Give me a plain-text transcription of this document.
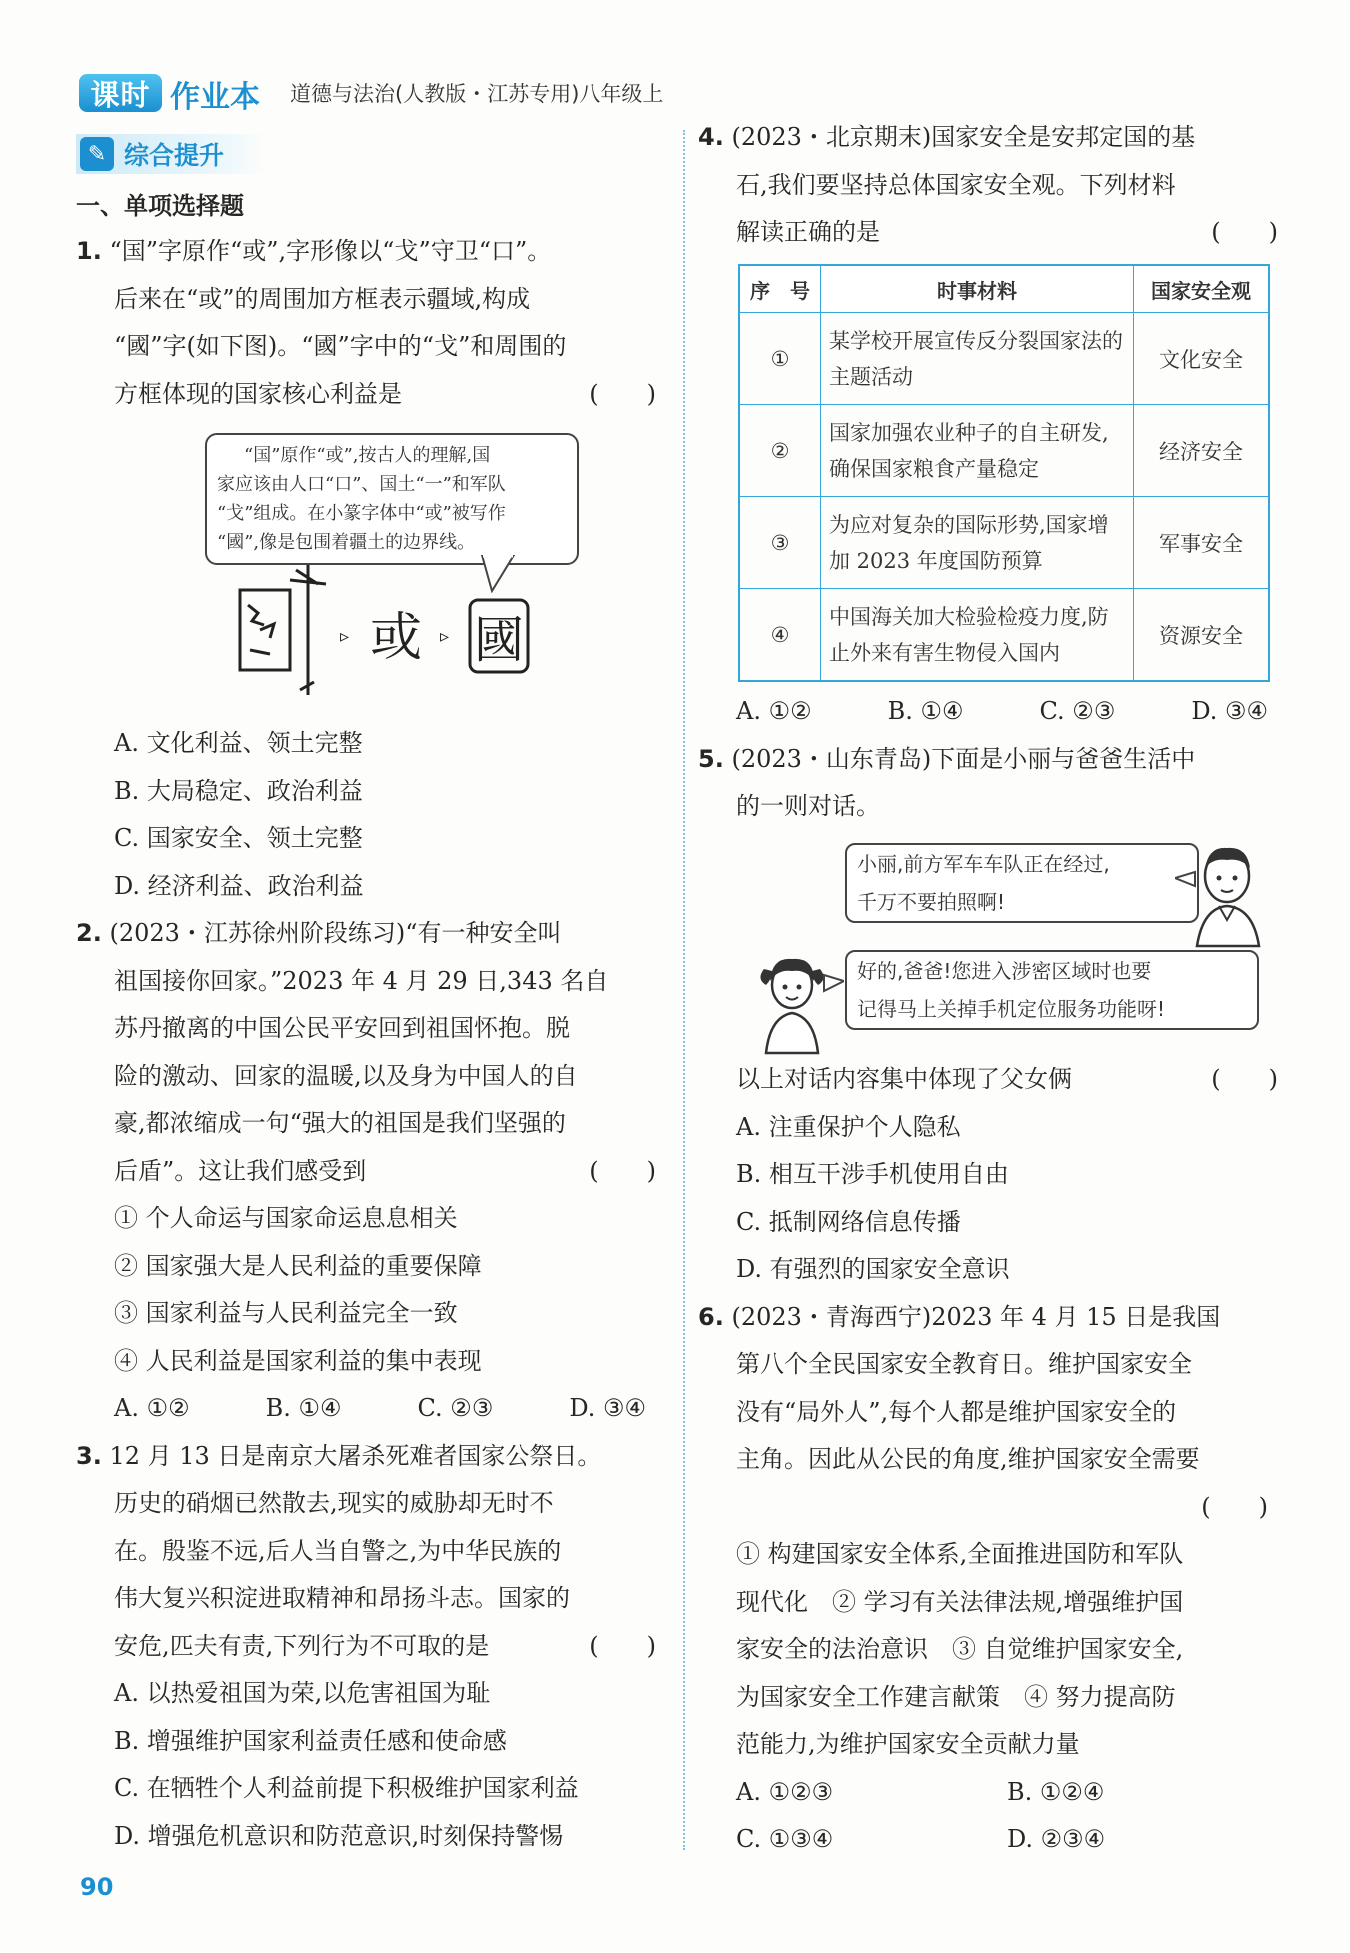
课时 作业本 道德与法治(人教版・江苏专用)八年级上
✎ 综合提升

一、单项选择题

1. “国”字原作“或”,字形像以“戈”守卫“口”。

后来在“或”的周围加方框表示疆域,构成

“國”字(如下图)。“國”字中的“戈”和周围的

方框体现的国家核心利益是	(　　)

“国”原作“或”,按古人的理解,国
家应该由人口“口”、国土“一”和军队
“戈”组成。在小篆字体中“或”被写作
“國”,像是包围着疆土的边界线。
▹ 或 ▹ 國

A. 文化利益、领土完整

B. 大局稳定、政治利益

C. 国家安全、领土完整

D. 经济利益、政治利益

2. (2023・江苏徐州阶段练习)“有一种安全叫

祖国接你回家。”2023 年 4 月 29 日,343 名自

苏丹撤离的中国公民平安回到祖国怀抱。脱

险的激动、回家的温暖,以及身为中国人的自

豪,都浓缩成一句“强大的祖国是我们坚强的

后盾”。这让我们感受到	(　　)

① 个人命运与国家命运息息相关

② 国家强大是人民利益的重要保障

③ 国家利益与人民利益完全一致

④ 人民利益是国家利益的集中表现

A. ①②	B. ①④	C. ②③	D. ③④

3. 12 月 13 日是南京大屠杀死难者国家公祭日。

历史的硝烟已然散去,现实的威胁却无时不

在。殷鉴不远,后人当自警之,为中华民族的

伟大复兴积淀进取精神和昂扬斗志。国家的

安危,匹夫有责,下列行为不可取的是	(　　)

A. 以热爱祖国为荣,以危害祖国为耻

B. 增强维护国家利益责任感和使命感

C. 在牺牲个人利益前提下积极维护国家利益

D. 增强危机意识和防范意识,时刻保持警惕

4. (2023・北京期末)国家安全是安邦定国的基

石,我们要坚持总体国家安全观。下列材料

解读正确的是	(　　)

序　号	时事材料	国家安全观
①	某学校开展宣传反分裂国家法的主题活动	文化安全
②	国家加强农业种子的自主研发,确保国家粮食产量稳定	经济安全
③	为应对复杂的国际形势,国家增加 2023 年度国防预算	军事安全
④	中国海关加大检验检疫力度,防止外来有害生物侵入国内	资源安全
A. ①②	B. ①④	C. ②③	D. ③④

5. (2023・山东青岛)下面是小丽与爸爸生活中

的一则对话。

小丽,前方军车车队正在经过,
千万不要拍照啊!
好的,爸爸!您进入涉密区域时也要
记得马上关掉手机定位服务功能呀!

以上对话内容集中体现了父女俩	(　　)

A. 注重保护个人隐私

B. 相互干涉手机使用自由

C. 抵制网络信息传播

D. 有强烈的国家安全意识

6. (2023・青海西宁)2023 年 4 月 15 日是我国

第八个全民国家安全教育日。维护国家安全

没有“局外人”,每个人都是维护国家安全的

主角。因此从公民的角度,维护国家安全需要

(　　)

① 构建国家安全体系,全面推进国防和军队

现代化　② 学习有关法律法规,增强维护国

家安全的法治意识　③ 自觉维护国家安全,

为国家安全工作建言献策　④ 努力提高防

范能力,为维护国家安全贡献力量

A. ①②③	B. ①②④
C. ①③④	D. ②③④
90
